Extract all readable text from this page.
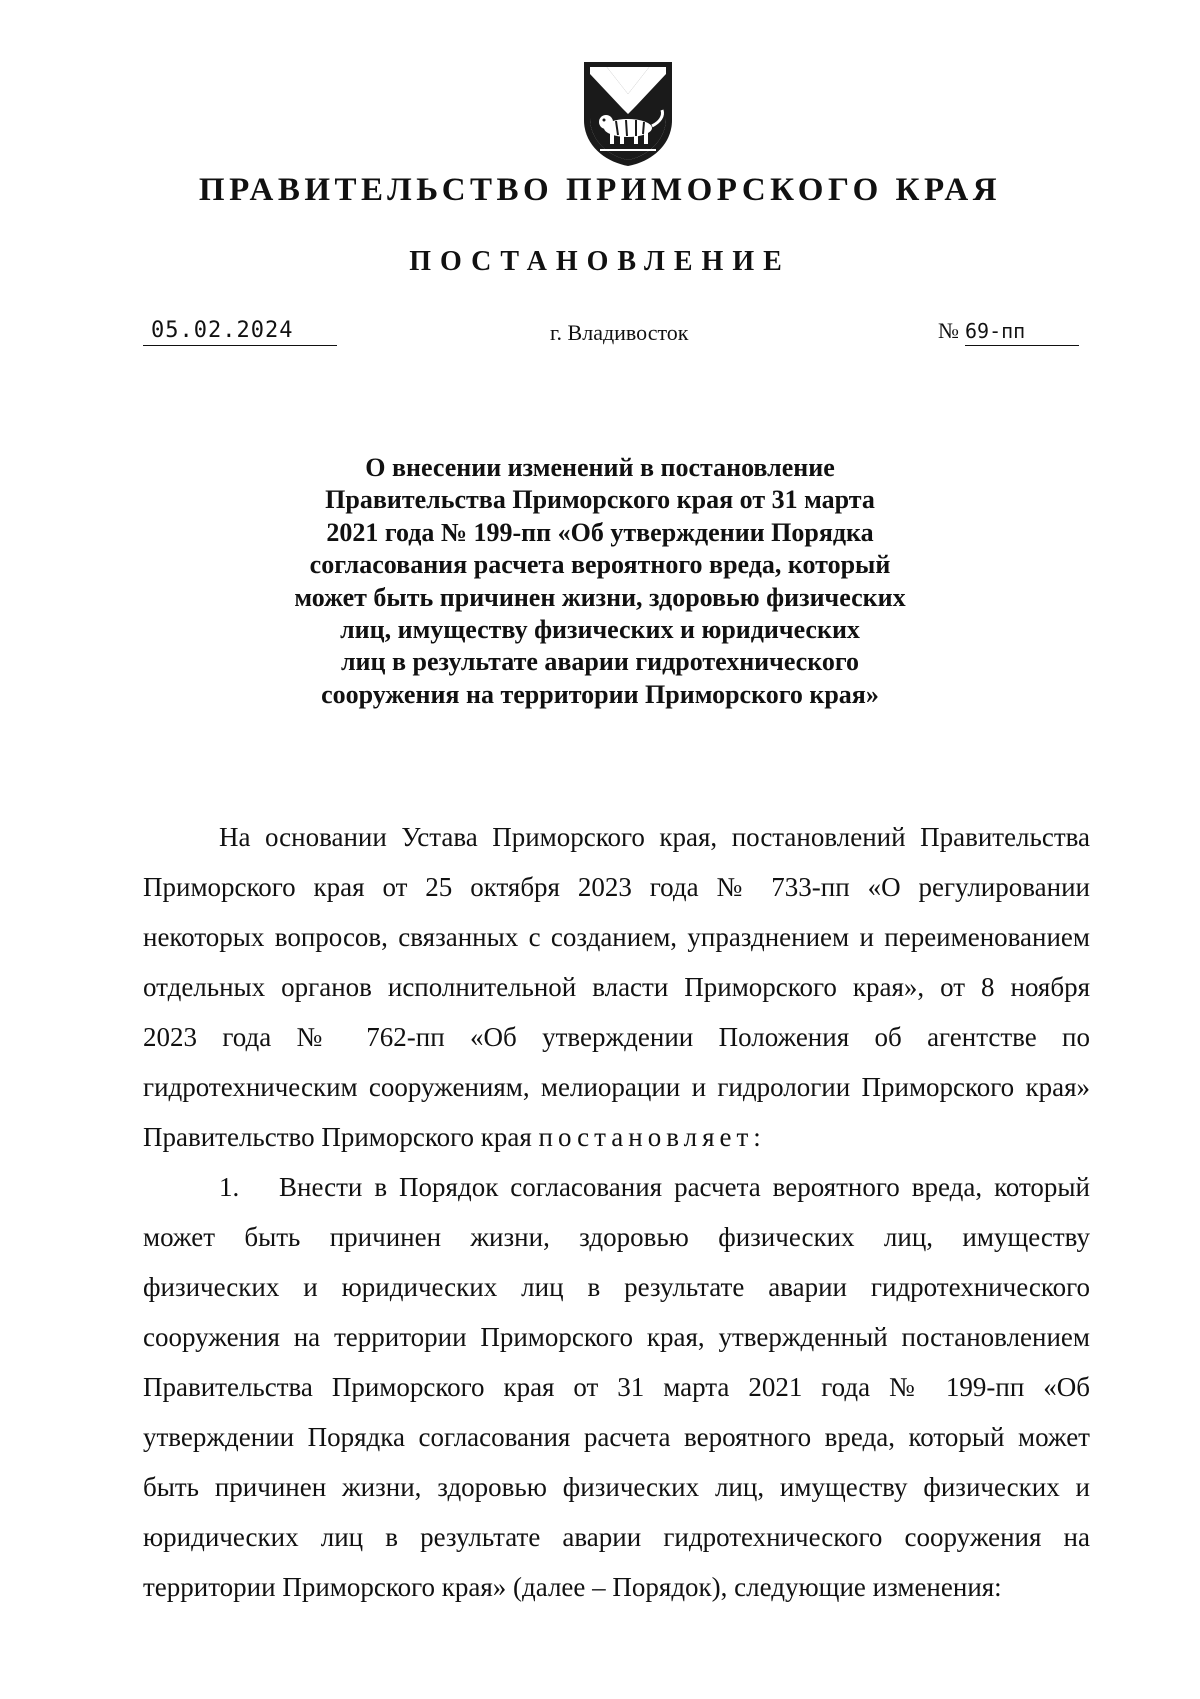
ПРАВИТЕЛЬСТВО ПРИМОРСКОГО КРАЯ
ПОСТАНОВЛЕНИЕ
05.02.2024	г. Владивосток	№ 69-пп
О внесении изменений в постановление
Правительства Приморского края от 31 марта
2021 года № 199-пп «Об утверждении Порядка
согласования расчета вероятного вреда, который
может быть причинен жизни, здоровью физических
лиц, имуществу физических и юридических
лиц в результате аварии гидротехнического
сооружения на территории Приморского края»
На основании Устава Приморского края, постановлений Правительства
Приморского края от 25 октября 2023 года № 733-пп «О регулировании
некоторых вопросов, связанных с созданием, упразднением и переименованием
отдельных органов исполнительной власти Приморского края», от 8 ноября
2023 года № 762-пп «Об утверждении Положения об агентстве по
гидротехническим сооружениям, мелиорации и гидрологии Приморского края»
Правительство Приморского края постановляет:
1. Внести в Порядок согласования расчета вероятного вреда, который
может быть причинен жизни, здоровью физических лиц, имуществу
физических и юридических лиц в результате аварии гидротехнического
сооружения на территории Приморского края, утвержденный постановлением
Правительства Приморского края от 31 марта 2021 года № 199-пп «Об
утверждении Порядка согласования расчета вероятного вреда, который может
быть причинен жизни, здоровью физических лиц, имуществу физических и
юридических лиц в результате аварии гидротехнического сооружения на
территории Приморского края» (далее – Порядок), следующие изменения:
